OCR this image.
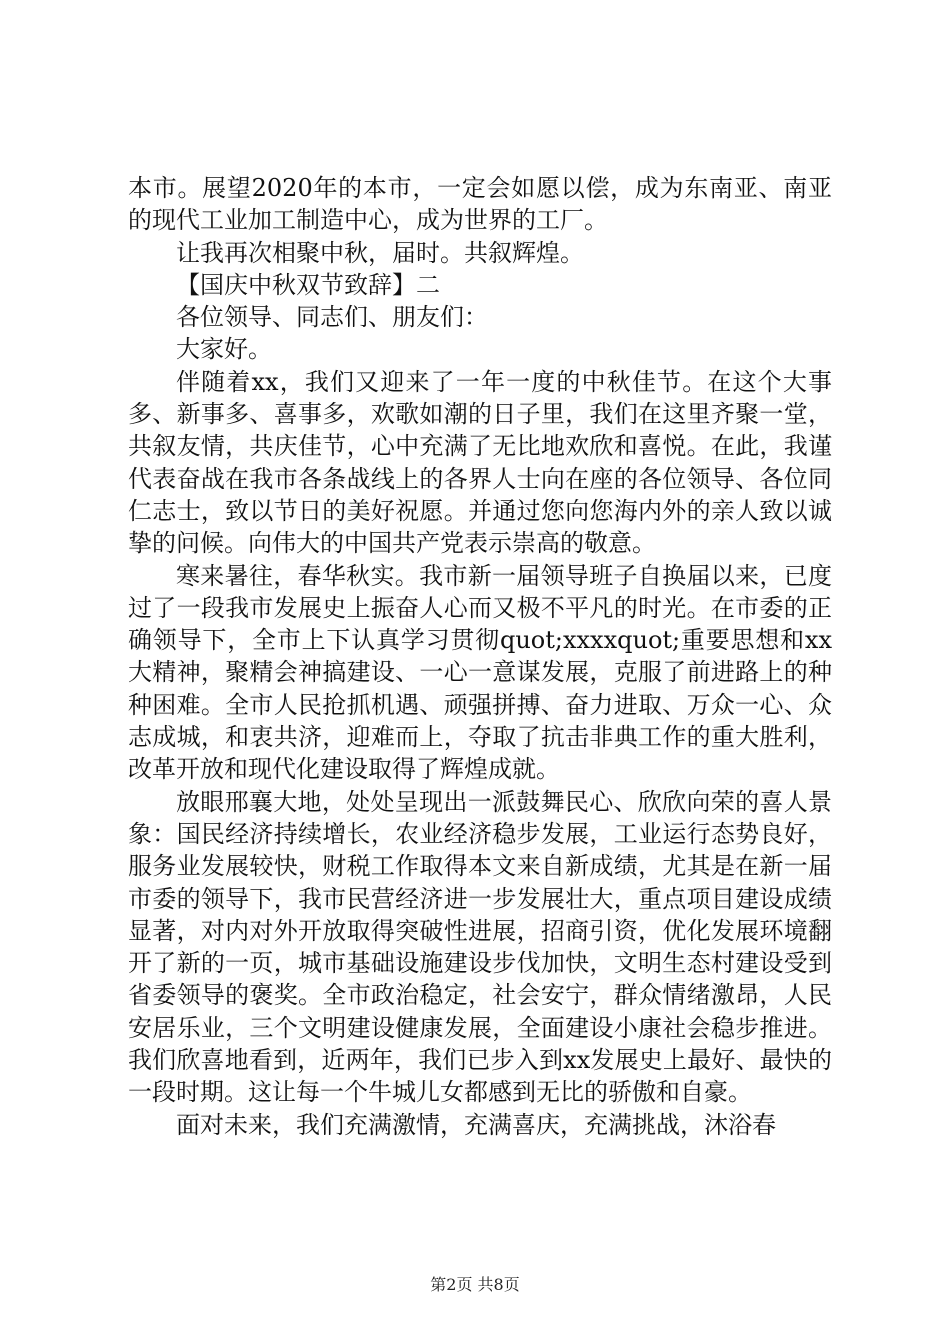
本市。展望2020年的本市，一定会如愿以偿，成为东南亚、南亚的现代工业加工制造中心，成为世界的工厂。

让我再次相聚中秋，届时。共叙辉煌。

【国庆中秋双节致辞】二

各位领导、同志们、朋友们：

大家好。

伴随着xx，我们又迎来了一年一度的中秋佳节。在这个大事多、新事多、喜事多，欢歌如潮的日子里，我们在这里齐聚一堂，共叙友情，共庆佳节，心中充满了无比地欢欣和喜悦。在此，我谨代表奋战在我市各条战线上的各界人士向在座的各位领导、各位同仁志士，致以节日的美好祝愿。并通过您向您海内外的亲人致以诚挚的问候。向伟大的中国共产党表示崇高的敬意。

寒来暑往，春华秋实。我市新一届领导班子自换届以来，已度过了一段我市发展史上振奋人心而又极不平凡的时光。在市委的正确领导下，全市上下认真学习贯彻quot;xxxxquot;重要思想和xx大精神，聚精会神搞建设、一心一意谋发展，克服了前进路上的种种困难。全市人民抢抓机遇、顽强拼搏、奋力进取、万众一心、众志成城，和衷共济，迎难而上，夺取了抗击非典工作的重大胜利，改革开放和现代化建设取得了辉煌成就。

放眼邢襄大地，处处呈现出一派鼓舞民心、欣欣向荣的喜人景象：国民经济持续增长，农业经济稳步发展，工业运行态势良好，服务业发展较快，财税工作取得本文来自新成绩，尤其是在新一届市委的领导下，我市民营经济进一步发展壮大，重点项目建设成绩显著，对内对外开放取得突破性进展，招商引资，优化发展环境翻开了新的一页，城市基础设施建设步伐加快，文明生态村建设受到省委领导的褒奖。全市政治稳定，社会安宁，群众情绪激昂，人民安居乐业，三个文明建设健康发展，全面建设小康社会稳步推进。我们欣喜地看到，近两年，我们已步入到xx发展史上最好、最快的一段时期。这让每一个牛城儿女都感到无比的骄傲和自豪。

面对未来，我们充满激情，充满喜庆，充满挑战，沐浴春

第2页 共8页
